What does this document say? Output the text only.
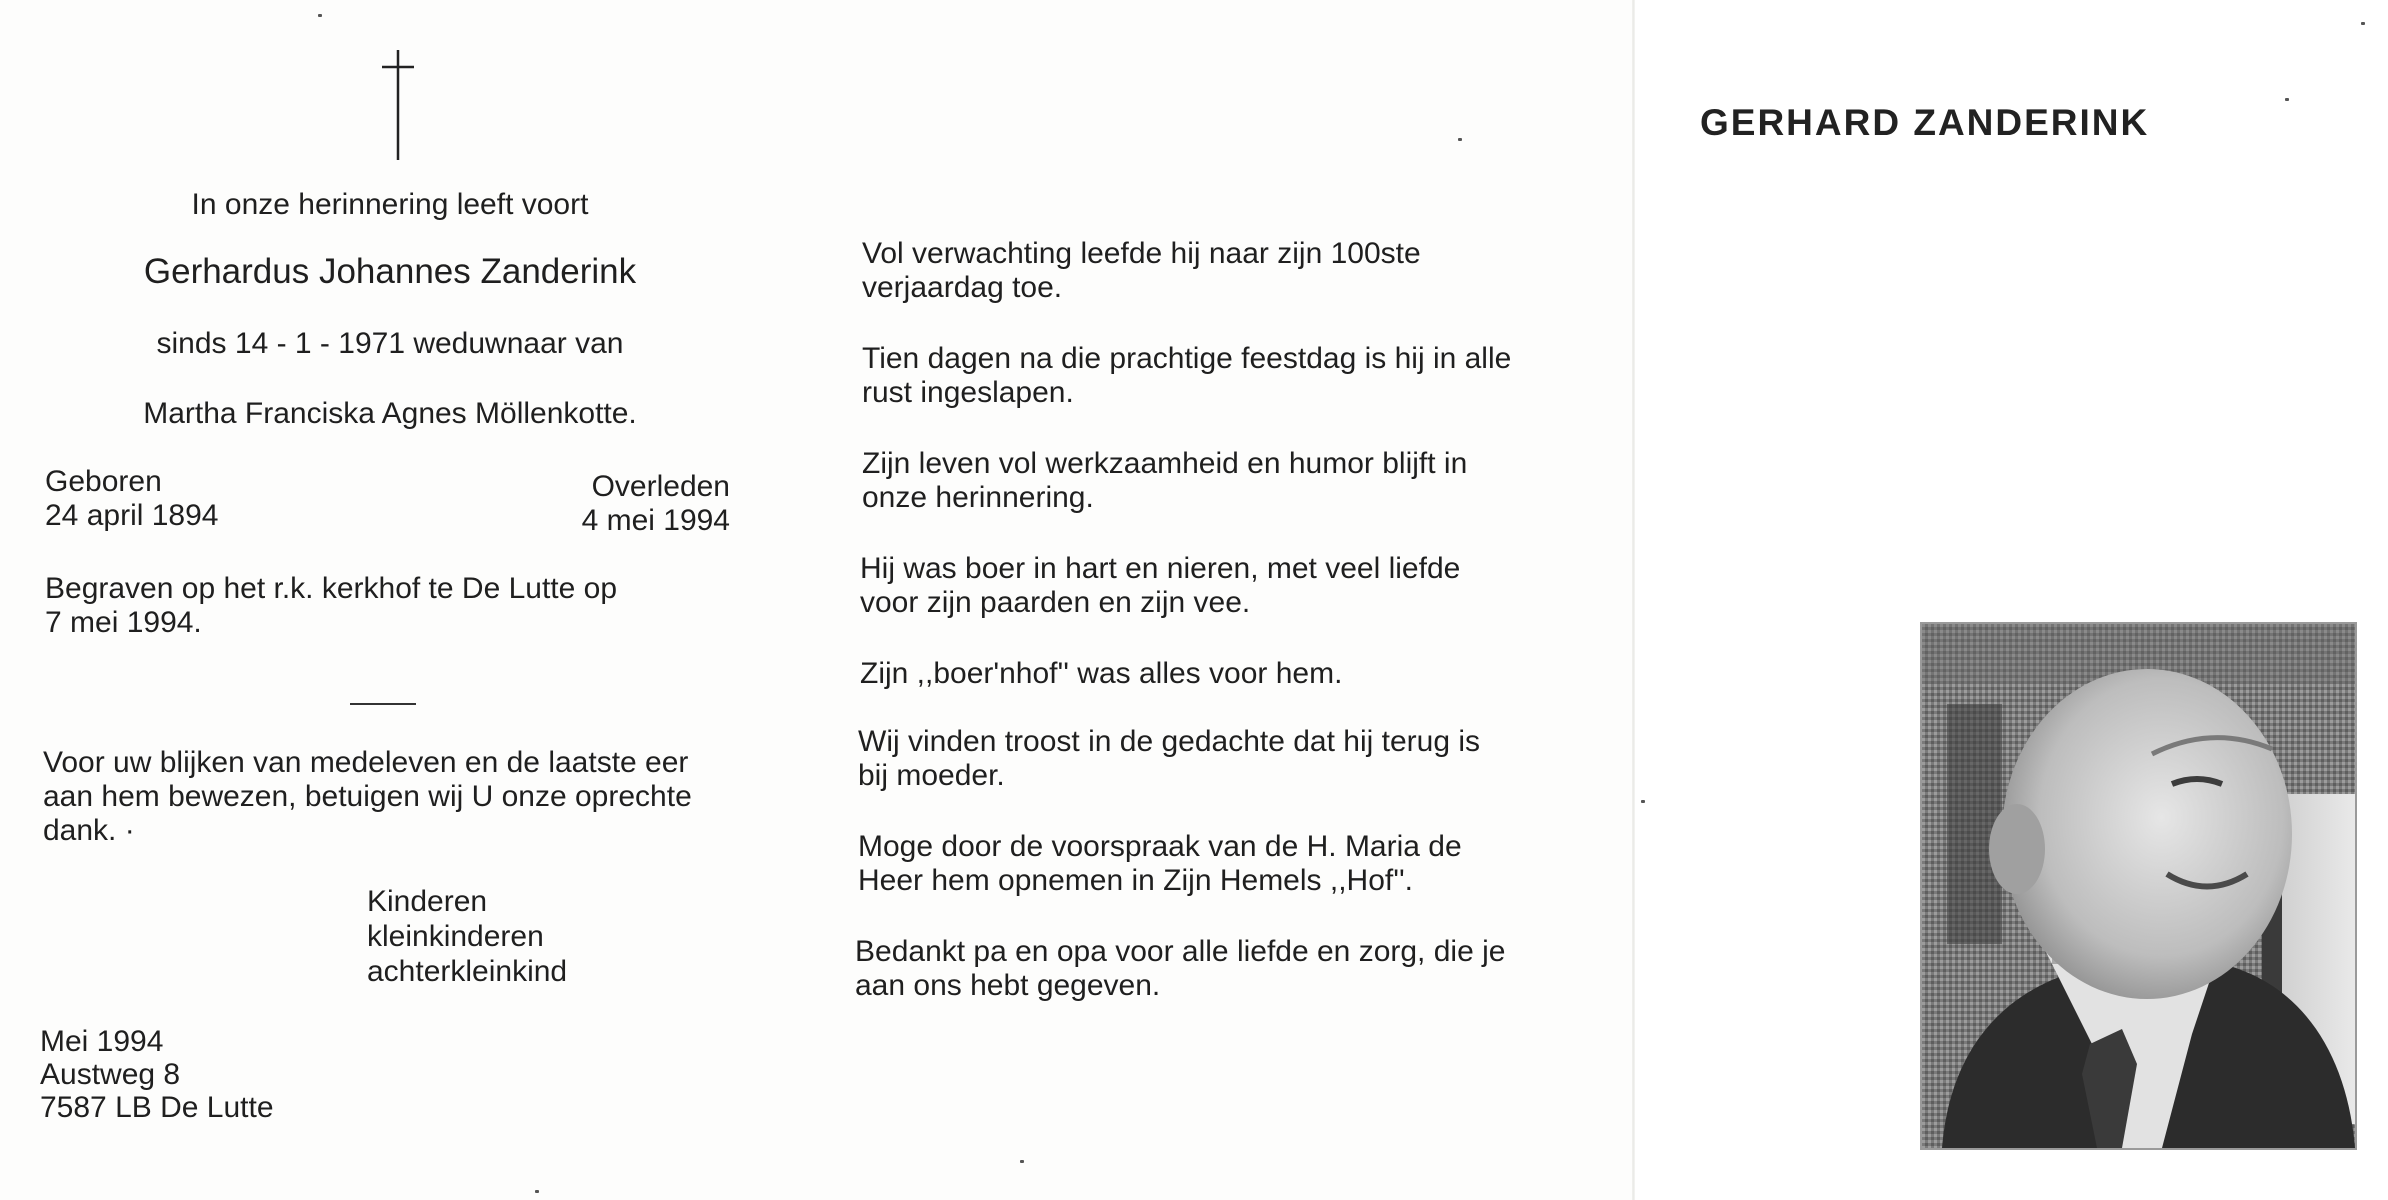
In onze herinnering leeft voort
Gerhardus Johannes Zanderink
sinds 14 - 1 - 1971 weduwnaar van
Martha Franciska Agnes Möllenkotte.
Geboren
24 april 1894
Overleden
4 mei 1994
Begraven op het r.k. kerkhof te De Lutte op
7 mei 1994.
Voor uw blijken van medeleven en de laatste eer
aan hem bewezen, betuigen wij U onze oprechte
dank. ·
Kinderen
kleinkinderen
achterkleinkind
Mei 1994
Austweg 8
7587 LB De Lutte
Vol verwachting leefde hij naar zijn 100ste
verjaardag toe.
Tien dagen na die prachtige feestdag is hij in alle
rust ingeslapen.
Zijn leven vol werkzaamheid en humor blijft in
onze herinnering.
Hij was boer in hart en nieren, met veel liefde
voor zijn paarden en zijn vee.
Zijn ,,boer'nhof'' was alles voor hem.
Wij vinden troost in de gedachte dat hij terug is
bij moeder.
Moge door de voorspraak van de H. Maria de
Heer hem opnemen in Zijn Hemels ,,Hof''.
Bedankt pa en opa voor alle liefde en zorg, die je
aan ons hebt gegeven.
GERHARD ZANDERINK
